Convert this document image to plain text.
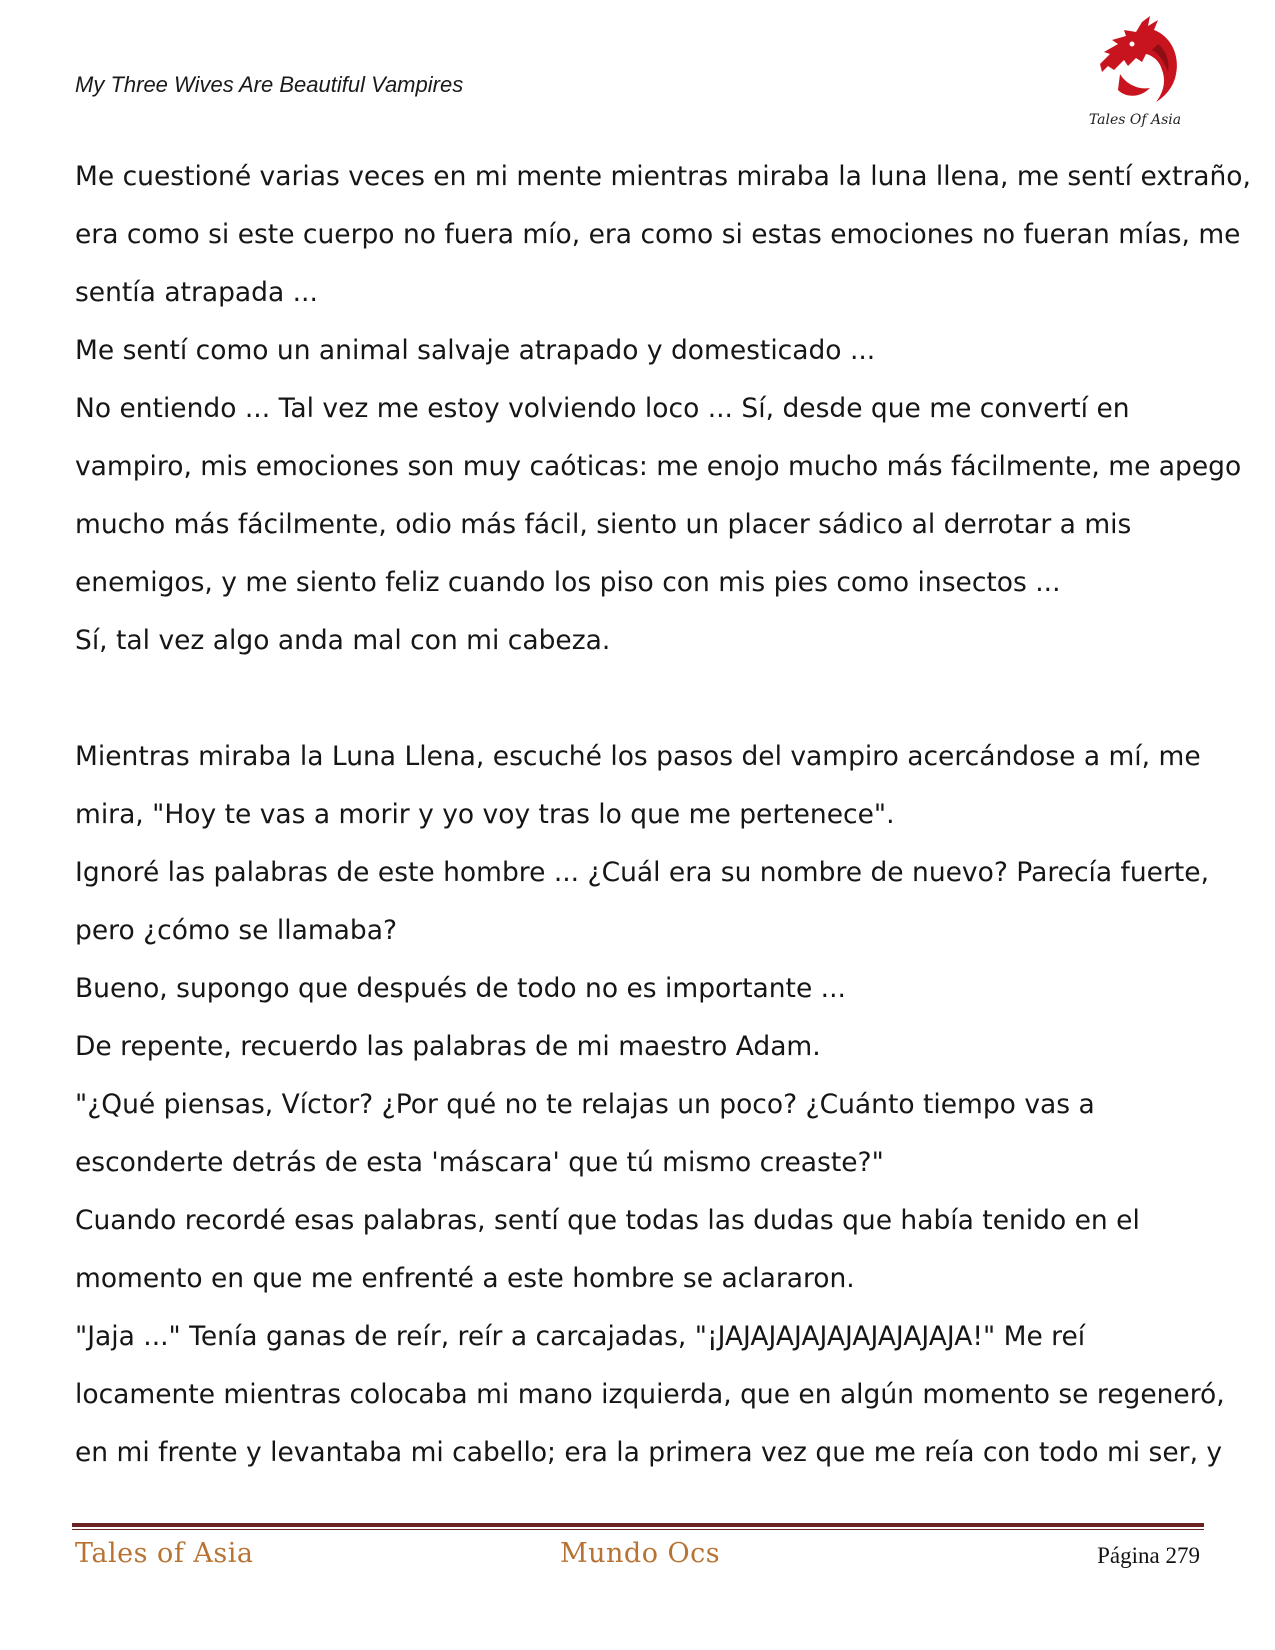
My Three Wives Are Beautiful Vampires
Tales Of Asia

Me cuestioné varias veces en mi mente mientras miraba la luna llena, me sentí extraño,

era como si este cuerpo no fuera mío, era como si estas emociones no fueran mías, me

sentía atrapada ...

Me sentí como un animal salvaje atrapado y domesticado ...

No entiendo ... Tal vez me estoy volviendo loco ... Sí, desde que me convertí en

vampiro, mis emociones son muy caóticas: me enojo mucho más fácilmente, me apego

mucho más fácilmente, odio más fácil, siento un placer sádico al derrotar a mis

enemigos, y me siento feliz cuando los piso con mis pies como insectos ...

Sí, tal vez algo anda mal con mi cabeza.

Mientras miraba la Luna Llena, escuché los pasos del vampiro acercándose a mí, me

mira, "Hoy te vas a morir y yo voy tras lo que me pertenece".

Ignoré las palabras de este hombre ... ¿Cuál era su nombre de nuevo? Parecía fuerte,

pero ¿cómo se llamaba?

Bueno, supongo que después de todo no es importante ...

De repente, recuerdo las palabras de mi maestro Adam.

"¿Qué piensas, Víctor? ¿Por qué no te relajas un poco? ¿Cuánto tiempo vas a

esconderte detrás de esta 'máscara' que tú mismo creaste?"

Cuando recordé esas palabras, sentí que todas las dudas que había tenido en el

momento en que me enfrenté a este hombre se aclararon.

"Jaja ..." Tenía ganas de reír, reír a carcajadas, "¡JAJAJAJAJAJAJAJAJAJA!" Me reí

locamente mientras colocaba mi mano izquierda, que en algún momento se regeneró,

en mi frente y levantaba mi cabello; era la primera vez que me reía con todo mi ser, y

Tales of Asia	Mundo Ocs	Página 279
